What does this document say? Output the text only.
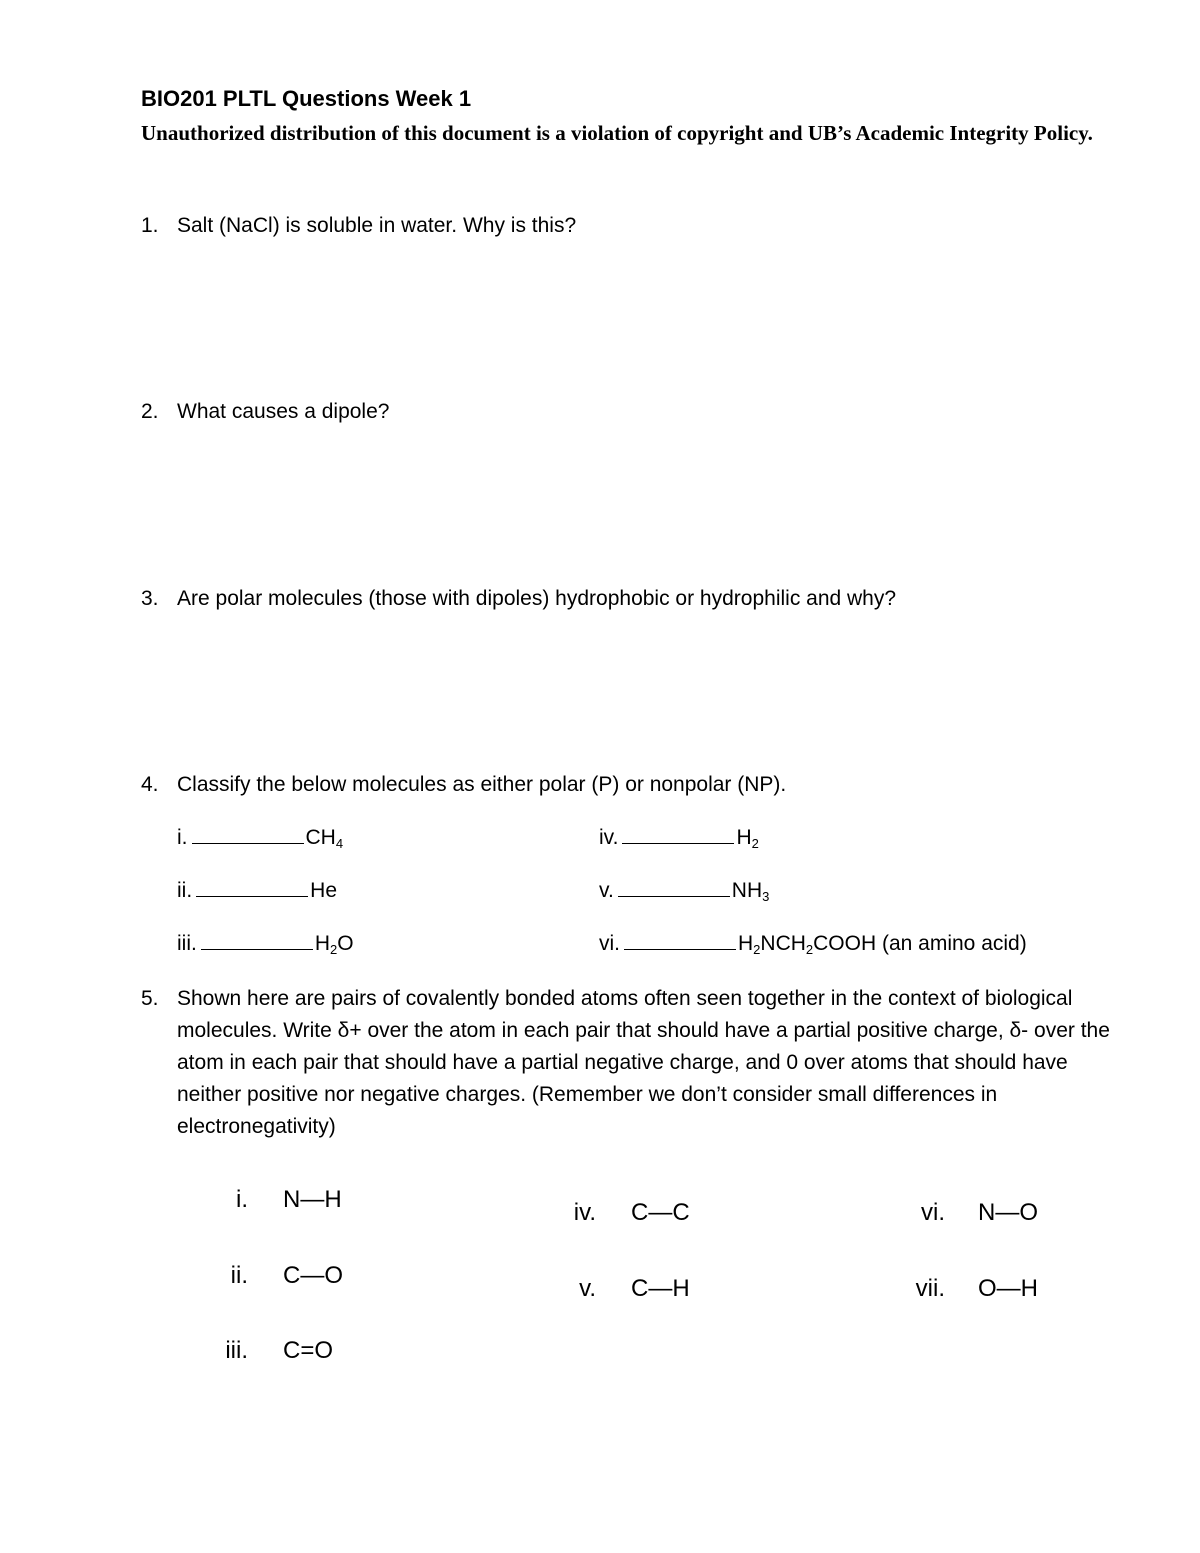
BIO201 PLTL Questions Week 1
Unauthorized distribution of this document is a violation of copyright and UB’s Academic Integrity Policy.
1. Salt (NaCl) is soluble in water. Why is this?
2. What causes a dipole?
3. Are polar molecules (those with dipoles) hydrophobic or hydrophilic and why?
4. Classify the below molecules as either polar (P) or nonpolar (NP).
i.	$CH_4$
ii.	He
iii.	$H_2O$
iv.	$H_2$
v.	$NH_3$
vi.	$H_2NCH_2COOH$ (an amino acid)
5. Shown here are pairs of covalently bonded atoms often seen together in the context of biological molecules. Write δ+ over the atom in each pair that should have a partial positive charge, δ- over the atom in each pair that should have a partial negative charge, and 0 over atoms that should have neither positive nor negative charges. (Remember we don’t consider small differences in electronegativity)
i. N—H
ii. C—O
iii. C=O
iv. C—C
v. C—H
vi. N—O
vii. O—H
